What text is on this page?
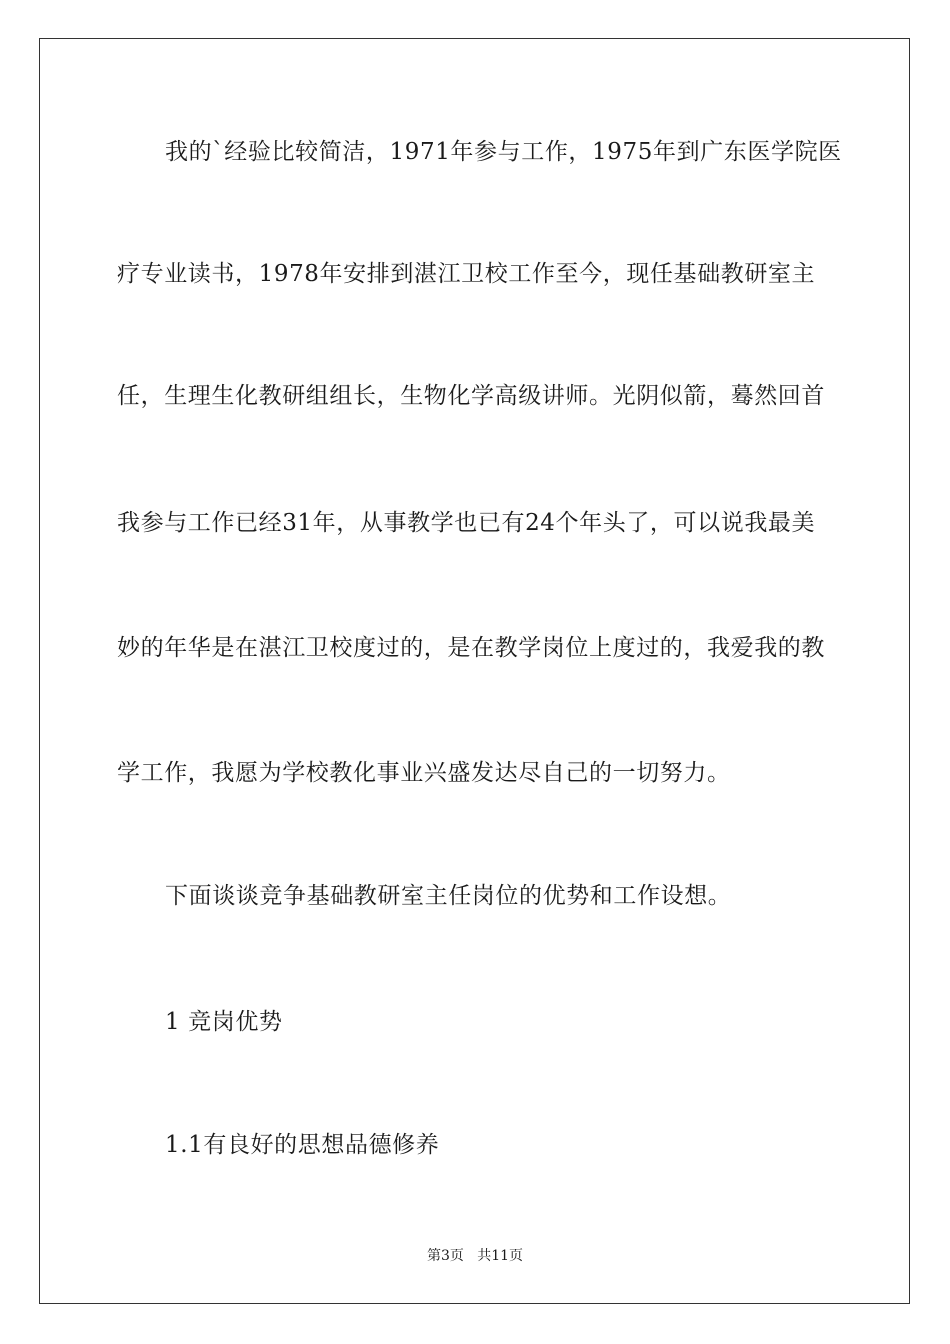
我的`经验比较简洁，1971年参与工作，1975年到广东医学院医
疗专业读书，1978年安排到湛江卫校工作至今，现任基础教研室主
任，生理生化教研组组长，生物化学高级讲师。光阴似箭，蓦然回首
我参与工作已经31年，从事教学也已有24个年头了，可以说我最美
妙的年华是在湛江卫校度过的，是在教学岗位上度过的，我爱我的教
学工作，我愿为学校教化事业兴盛发达尽自己的一切努力。
下面谈谈竞争基础教研室主任岗位的优势和工作设想。
1 竞岗优势
1.1有良好的思想品德修养
第3页   共11页
